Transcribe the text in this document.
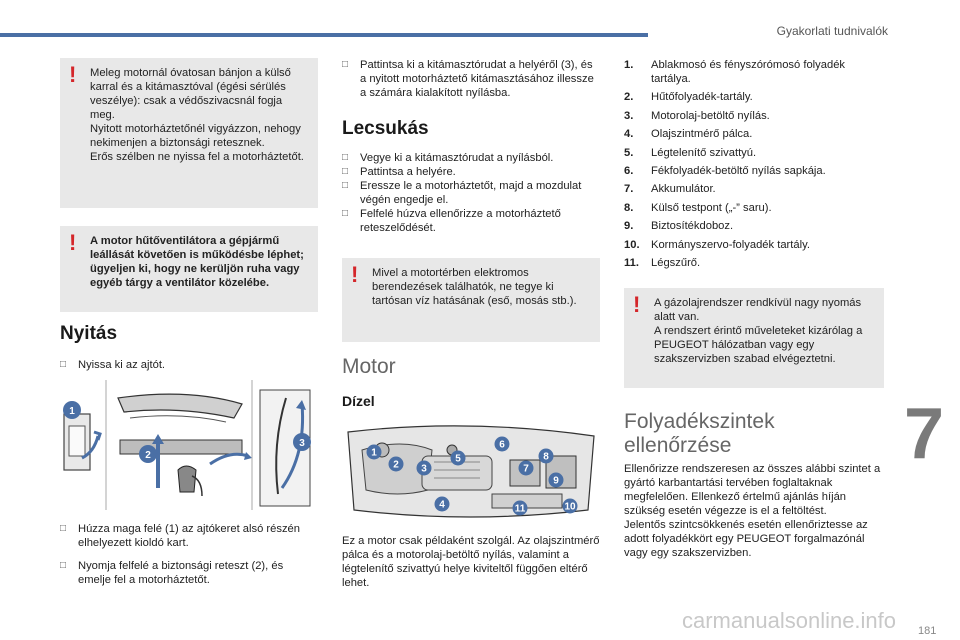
Gyakorlati tudnivalók
! Meleg motornál óvatosan bánjon a külső karral és a kitámasztóval (égési sérülés veszélye): csak a védőszivacsnál fogja meg.
Nyitott motorháztetőnél vigyázzon, nehogy nekimenjen a biztonsági retesznek.
Erős szélben ne nyissa fel a motorháztetőt.
! A motor hűtőventilátora a gépjármű leállását követően is működésbe léphet; ügyeljen ki, hogy ne kerüljön ruha vagy egyéb tárgy a ventilátor közelébe.
Nyitás
□ Nyissa ki az ajtót.
1
2
3
□ Húzza maga felé (1) az ajtókeret alsó részén elhelyezett kioldó kart.
□ Nyomja felfelé a biztonsági reteszt (2), és emelje fel a motorháztetőt.
□ Pattintsa ki a kitámasztórudat a helyéről (3), és a nyitott motorháztető kitámasztásához illessze a számára kialakított nyílásba.
Lecsukás
□ Vegye ki a kitámasztórudat a nyílásból.
□ Pattintsa a helyére.
□ Eressze le a motorháztetőt, majd a mozdulat végén engedje el.
□ Felfelé húzva ellenőrizze a motorháztető reteszelődését.
! Mivel a motortérben elektromos berendezések találhatók, ne tegye ki tartósan víz hatásának (eső, mosás stb.).
Motor
Dízel
1
2 3
4
5
6
7
8
9
10
11
Ez a motor csak példaként szolgál. Az olajszintmérő pálca és a motorolaj-betöltő nyílás, valamint a légtelenítő szivattyú helye kiviteltől függően eltérő lehet.
1. Ablakmosó és fényszórómosó folyadék tartálya.
2. Hűtőfolyadék-tartály.
3. Motorolaj-betöltő nyílás.
4. Olajszintmérő pálca.
5. Légtelenítő szivattyú.
6. Fékfolyadék-betöltő nyílás sapkája.
7. Akkumulátor.
8. Külső testpont („-” saru).
9. Biztosítékdoboz.
10. Kormányszervo-folyadék tartály.
11. Légszűrő.
! A gázolajrendszer rendkívül nagy nyomás alatt van.
A rendszert érintő műveleteket kizárólag a PEUGEOT hálózatban vagy egy szakszervizben szabad elvégeztetni.
Folyadékszintek
ellenőrzése
Ellenőrizze rendszeresen az összes alábbi szintet a gyártó karbantartási tervében foglaltaknak megfelelően. Ellenkező értelmű ajánlás híján szükség esetén végezze is el a feltöltést.
Jelentős szintcsökkenés esetén ellenőriztesse az adott folyadékkört egy PEUGEOT forgalmazónál vagy egy szakszervizben.
7
carmanualsonline.info 181
